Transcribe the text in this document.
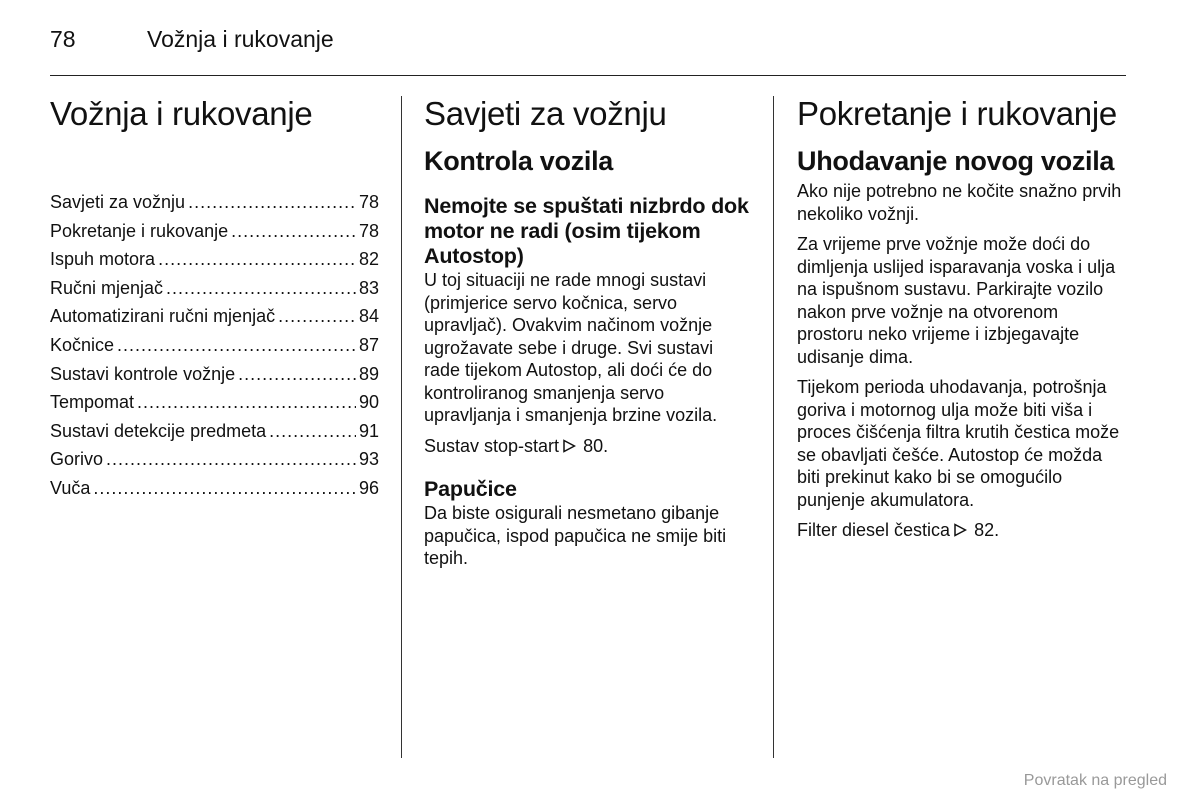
78	Vožnja i rukovanje
Vožnja i rukovanje
Savjeti za vožnju .....	78
Pokretanje i rukovanje .....	78
Ispuh motora .....	82
Ručni mjenjač .....	83
Automatizirani ručni mjenjač .....	84
Kočnice .....	87
Sustavi kontrole vožnje .....	89
Tempomat .....	90
Sustavi detekcije predmeta .....	91
Gorivo .....	93
Vuča .....	96
Savjeti za vožnju
Kontrola vozila
Nemojte se spuštati nizbrdo dok motor ne radi (osim tijekom Autostop)

U toj situaciji ne rade mnogi sustavi (primjerice servo kočnica, servo upravljač). Ovakvim načinom vožnje ugrožavate sebe i druge. Svi sustavi rade tijekom Autostop, ali doći će do kontroliranog smanjenja servo upravljanja i smanjenja brzine vozila.

Sustav stop-start 80.

Papučice

Da biste osigurali nesmetano gibanje papučica, ispod papučica ne smije biti tepih.

Pokretanje i rukovanje
Uhodavanje novog vozila

Ako nije potrebno ne kočite snažno prvih nekoliko vožnji.

Za vrijeme prve vožnje može doći do dimljenja uslijed isparavanja voska i ulja na ispušnom sustavu. Parkirajte vozilo nakon prve vožnje na otvorenom prostoru neko vrijeme i izbjegavajte udisanje dima.

Tijekom perioda uhodavanja, potrošnja goriva i motornog ulja može biti viša i proces čišćenja filtra krutih čestica može se obavljati češće. Autostop će možda biti prekinut kako bi se omogućilo punjenje akumulatora.

Filter diesel čestica 82.

Povratak na pregled
